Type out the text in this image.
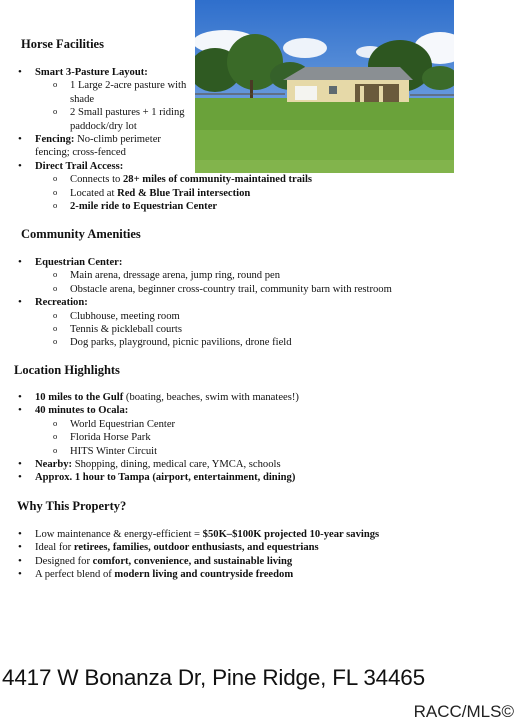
Horse Facilities
• Smart 3-Pasture Layout:
o 1 Large 2-acre pasture with shade
o 2 Small pastures + 1 riding paddock/dry lot
• Fencing: No-climb perimeter fencing; cross-fenced
• Direct Trail Access:
o Connects to 28+ miles of community-maintained trails
o Located at Red & Blue Trail intersection
o 2-mile ride to Equestrian Center
Community Amenities
• Equestrian Center:
o Main arena, dressage arena, jump ring, round pen
o Obstacle arena, beginner cross-country trail, community barn with restroom
• Recreation:
o Clubhouse, meeting room
o Tennis & pickleball courts
o Dog parks, playground, picnic pavilions, drone field
Location Highlights
• 10 miles to the Gulf (boating, beaches, swim with manatees!)
• 40 minutes to Ocala:
o World Equestrian Center
o Florida Horse Park
o HITS Winter Circuit
• Nearby: Shopping, dining, medical care, YMCA, schools
• Approx. 1 hour to Tampa (airport, entertainment, dining)
Why This Property?
• Low maintenance & energy-efficient = $50K–$100K projected 10-year savings
• Ideal for retirees, families, outdoor enthusiasts, and equestrians
• Designed for comfort, convenience, and sustainable living
• A perfect blend of modern living and countryside freedom
4417 W Bonanza Dr, Pine Ridge, FL 34465
RACC/MLS©
